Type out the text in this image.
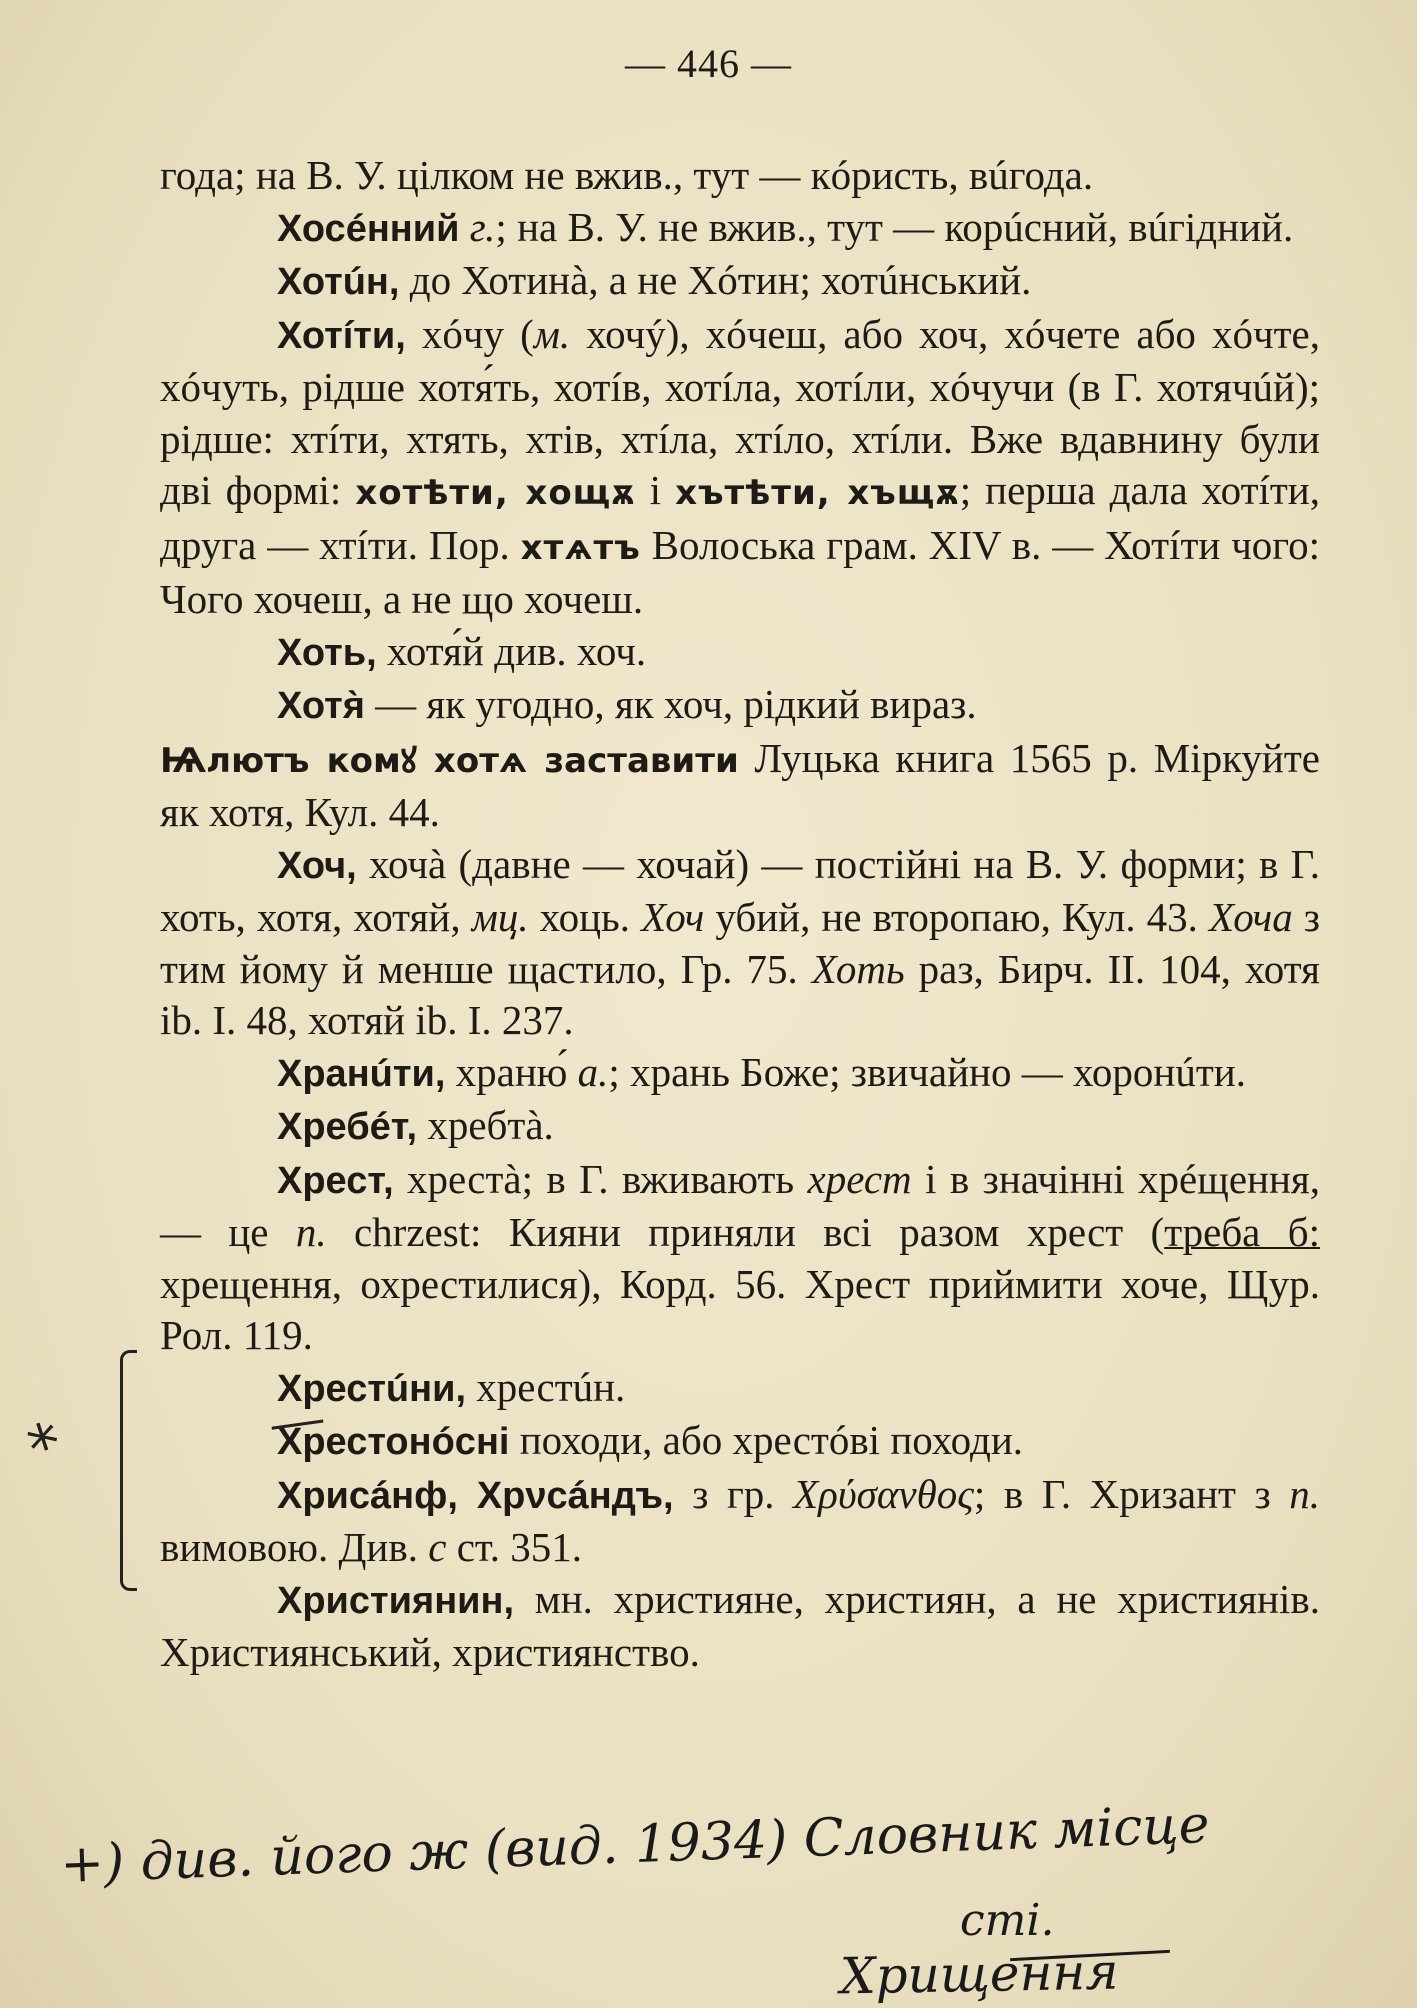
— 446 —

года; на В. У. цілком не вжив., тут — кóристь, вúгода.

Хосéнний г.; на В. У. не вжив., тут — корúсний, вúгідний.

Хотúн, до Хотинà, а не Хóтин; хотúнський.

Хотíти, хóчу (м. хочý), хóчеш, або хоч, хóчете або хóчте, хóчуть, рідше хотя́ть, хотíв, хотíла, хотíли, хóчучи (в Г. хотячúй); рідше: хтíти, хтять, хтів, хтíла, хтíло, хтíли. Вже вдавнину були дві формі: хотѣти, хощѫ і хътѣти, хъщѫ; перша дала хотíти, друга — хтíти. Пор. хтѧтъ Волоська грам. XIV в. — Хотíти чого: Чого хочеш, а не що хочеш.

Хоть, хотя́й див. хоч.

Хотя̀ — як угодно, як хоч, рідкий вираз.

Ѩлютъ комꙋ хотѧ заставити Луцька книга 1565 р. Міркуйте як хотя, Кул. 44.

Хоч, хочà (давне — хочай) — постійні на В. У. форми; в Г. хоть, хотя, хотяй, мц. хоць. Хоч убий, не второпаю, Кул. 43. Хоча з тим йому й менше щастило, Гр. 75. Хоть раз, Бирч. II. 104, хотя ib. I. 48, хотяй ib. I. 237.

Хранúти, храню́ а.; хрань Боже; звичайно — хоронúти.

Хребéт, хребтà.

Хрест, хрестà; в Г. вживають хрест і в значінні хрéщення, — це п. chrzest: Кияни приняли всі разом хрест (треба б: хрещення, охрестилися), Корд. 56. Хрест приймити хоче, Щур. Рол. 119.

Хрестúни, хрестúн.

Хрестонóсні походи, або хрестóві походи.

Хрисáнф, Хрνсáндъ, з гр. Χρύσανθος; в Г. Хризант з п. вимовою. Див. с ст. 351.

Християнин, мн. християне, християн, а не християнів. Християнський, християнство.

*
+) див. його ж (вид. 1934) Словник місце
сті.
Хрищення
